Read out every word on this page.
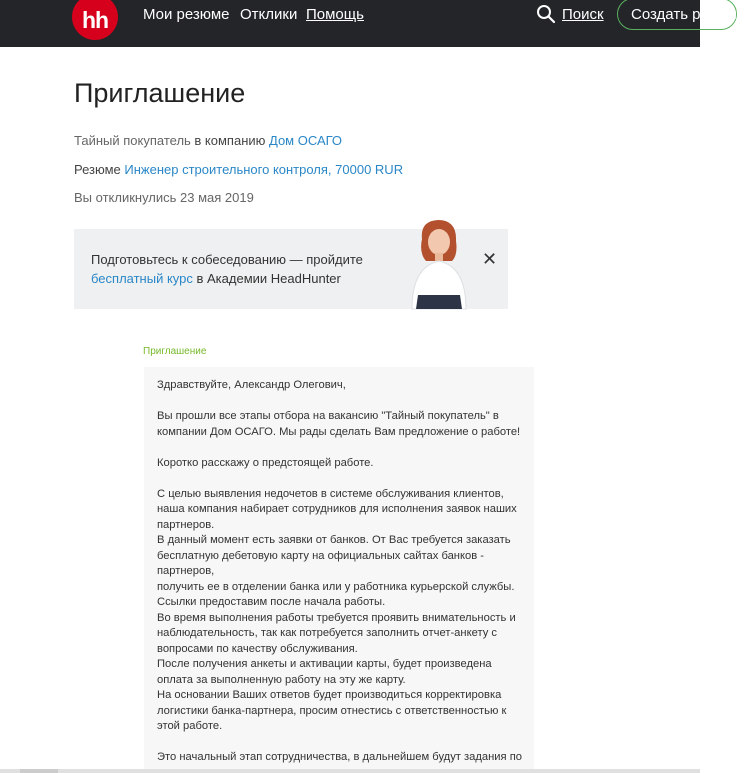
hh	Мои резюме Отклики Помощь	Поиск	Создать резюме
Приглашение
Тайный покупатель в компанию Дом ОСАГО
Резюме Инженер строительного контроля, 70000 RUR
Вы откликнулись 23 мая 2019
Подготовьтесь к собеседованию — пройдите
бесплатный курс в Академии HeadHunter
✕
Приглашение

Здравствуйте, Александр Олегович,

Вы прошли все этапы отбора на вакансию "Тайный покупатель" в

компании Дом ОСАГО. Мы рады сделать Вам предложение о работе!

Коротко расскажу о предстоящей работе.

С целью выявления недочетов в системе обслуживания клиентов,

наша компания набирает сотрудников для исполнения заявок наших

партнеров.

В данный момент есть заявки от банков. От Вас требуется заказать

бесплатную дебетовую карту на официальных сайтах банков -

партнеров,

получить ее в отделении банка или у работника курьерской службы.

Ссылки предоставим после начала работы.

Во время выполнения работы требуется проявить внимательность и

наблюдательность, так как потребуется заполнить отчет-анкету с

вопросами по качеству обслуживания.

После получения анкеты и активации карты, будет произведена

оплата за выполненную работу на эту же карту.

На основании Ваших ответов будет производиться корректировка

логистики банка-партнера, просим отнестись с ответственностью к

этой работе.

Это начальный этап сотрудничества, в дальнейшем будут задания по
